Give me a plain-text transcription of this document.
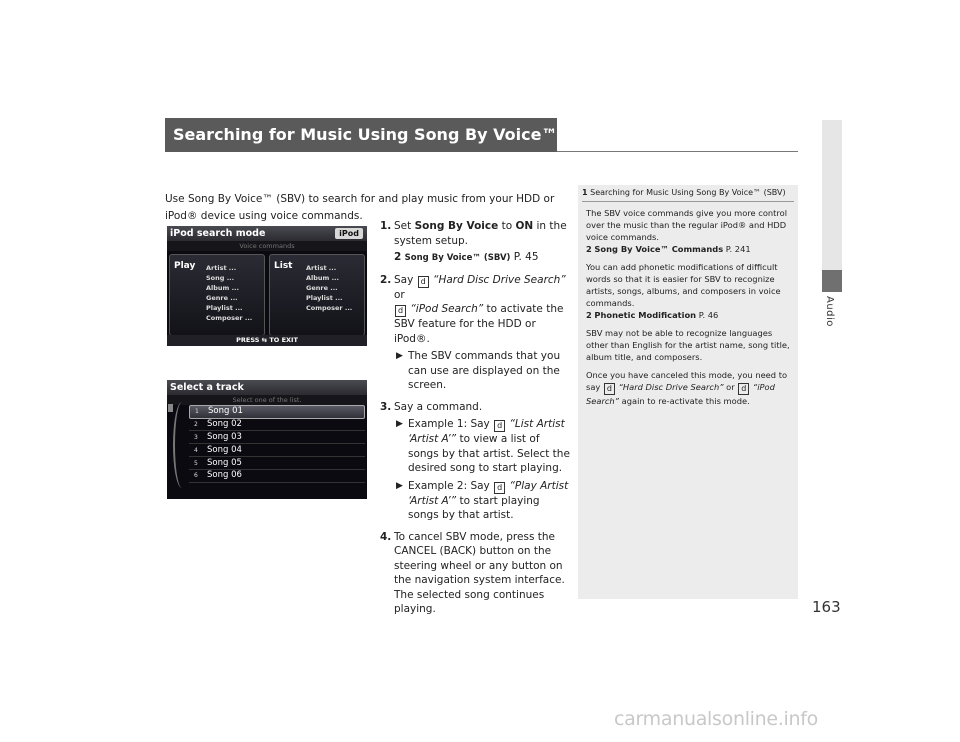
Searching for Music Using Song By Voice™ (SBV)
Audio
163
Use Song By Voice™ (SBV) to search for and play music from your HDD or iPod® device using voice commands.
iPod search mode	iPod
Voice commands
Play Artist ...
Song ...
Album ...
Genre ...
Playlist ...
Composer ...
List Artist ...
Album ...
Genre ...
Playlist ...
Composer ...
PRESS ⇆ TO EXIT
Select a track
Select one of the list.
1 Song 01
2 Song 02
3 Song 03
4 Song 04
5 Song 05
6 Song 06
1. Set Song By Voice to ON in the system setup.
2 Song By Voice™ (SBV) P. 45
2. Say d “Hard Disc Drive Search” or
d “iPod Search” to activate the SBV feature for the HDD or iPod®.
▶ The SBV commands that you can use are displayed on the screen.
3. Say a command.
▶ Example 1: Say d “List Artist ‘Artist A’” to view a list of songs by that artist. Select the desired song to start playing.
▶ Example 2: Say d “Play Artist ‘Artist A’” to start playing songs by that artist.
4. To cancel SBV mode, press the CANCEL (BACK) button on the steering wheel or any button on the navigation system interface. The selected song continues playing.
1 Searching for Music Using Song By Voice™ (SBV)

The SBV voice commands give you more control over the music than the regular iPod® and HDD voice commands.
2 Song By Voice™ Commands P. 241

You can add phonetic modifications of difficult words so that it is easier for SBV to recognize artists, songs, albums, and composers in voice commands.
2 Phonetic Modification P. 46

SBV may not be able to recognize languages other than English for the artist name, song title, album title, and composers.

Once you have canceled this mode, you need to say d “Hard Disc Drive Search” or d “iPod Search” again to re-activate this mode.

carmanualsonline.info
